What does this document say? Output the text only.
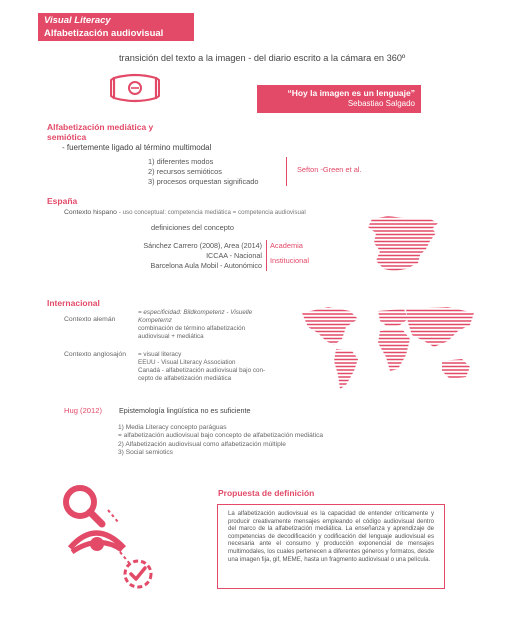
Visual Literacy
Alfabetización audiovisual
transición del texto a la imagen - del diario escrito a la cámara en 360º
“Hoy la imagen es un lenguaje”
Sebastiao Salgado
Alfabetización mediática y
semiótica
- fuertemente ligado al término multimodal
1) diferentes modos
2) recursos semióticos
3) procesos orquestan significado
Sefton -Green et al.
España
Contexto hispano - uso conceptual: competencia mediática = competencia audiovisual
definiciones del concepto
Sánchez Carrero (2008), Area (2014)
ICCAA - Nacional
Barcelona Aula Mobil - Autonómico
Academia
Institucional
Internacional
Contexto alemán
= especificidad: Bildkompetenz - Visuelle
Kompeternz
combinación de término alfabetización
audiovisual + mediática
Contexto anglosajón = visual literacy
EEUU - Visual Literacy Association
Canadá - alfabetización audiovisual bajo con-
cepto de alfabetización mediática
Hug (2012) Epistemología lingüística no es suficiente
1) Media Literacy concepto paráguas
= alfabetización audiovisual bajo concepto de alfabetización mediática
2) Alfabetización audiovisual como alfabetización múltiple
3) Social semiotics
Propuesta de definición
La alfabetización audiovisual es la capacidad de entender críticamente y producir creativamente mensajes empleando el código audiovisual dentro del marco de la alfabetización mediática. La enseñanza y aprendizaje de competencias de decodificación y codificación del lenguaje audiovisual es necesaria ante el consumo y producción exponencial de mensajes multimodales, los cuales pertenecen a diferentes géneros y formatos, desde una imagen fija, gif, MEME, hasta un fragmento audiovisual o una película.
